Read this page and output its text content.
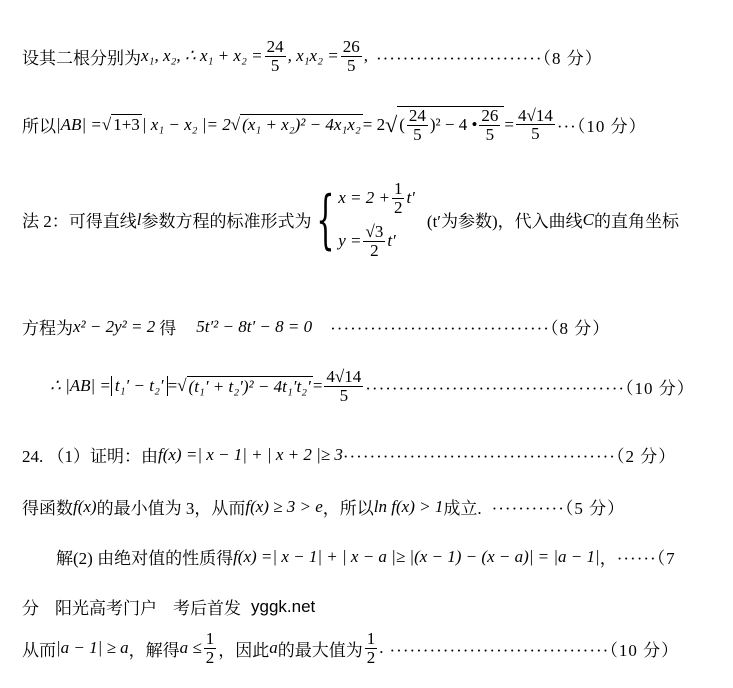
设其二根分别为 x₁, x₂, ∴ $x_1 + x_2 = \frac{24}{5}$ , $x_1x_2 = \frac{26}{5}$ , ·························（8 分）
所以 |AB| = √ 1+3 | x₁ − x₂ |= 2 √ (x₁ + x₂)² − 4x₁x₂ = 2 √ ( $\frac{24}{5} )^2 - 4$ • $\frac{26}{5} = \frac{4√14}{5} \cdot\cdot\cdot(10$ 分）
法 2：可得直线 l 参数方程的标准形式为 { $x = 2 + \frac{1}{2} t'$
$y = \frac{√3}{2} t'$
(t′为参数)，代入曲线 C 的直角坐标
方程为 x² − 2y² = 2 得 5t′² − 8t′ − 8 = 0 ·································（8 分）
∴ |AB| = t₁′ − t₂′ = √ $(t_1' + t_2')^2 - 4t_1't_2' = \frac{4√14}{5} \cdot\cdot\cdot\cdot\cdot\cdot\cdot\cdot\cdot\cdot\cdot\cdot\cdot\cdot\cdot\cdot\cdot\cdot\cdot\cdot\cdot\cdot\cdot\cdot\cdot\cdot\cdot\cdot\cdot\cdot\cdot\cdot\cdot\cdot\cdot\cdot\cdot\cdot\cdot(10$ 分）
24. （1）证明：由 f(x) =| x − 1| + | x + 2 |≥ 3 ·········································（2 分）
得函数 f(x) 的最小值为 3，从而 f(x) ≥ 3 > e ，所以 ln f(x) > 1 成立. ···········（5 分）
解(2) 由绝对值的性质得 f(x) =| x − 1| + | x − a |≥ |(x − 1) − (x − a)| = |a − 1| ， ······（7
分 阳光高考门户 考后首发 yggk.net
从而 |a − 1| ≥ a ，解得 $a \le \frac{1}{2}$ ，因此 a 的最大值为 $\frac{1}{2}$ . ·································（10 分）
